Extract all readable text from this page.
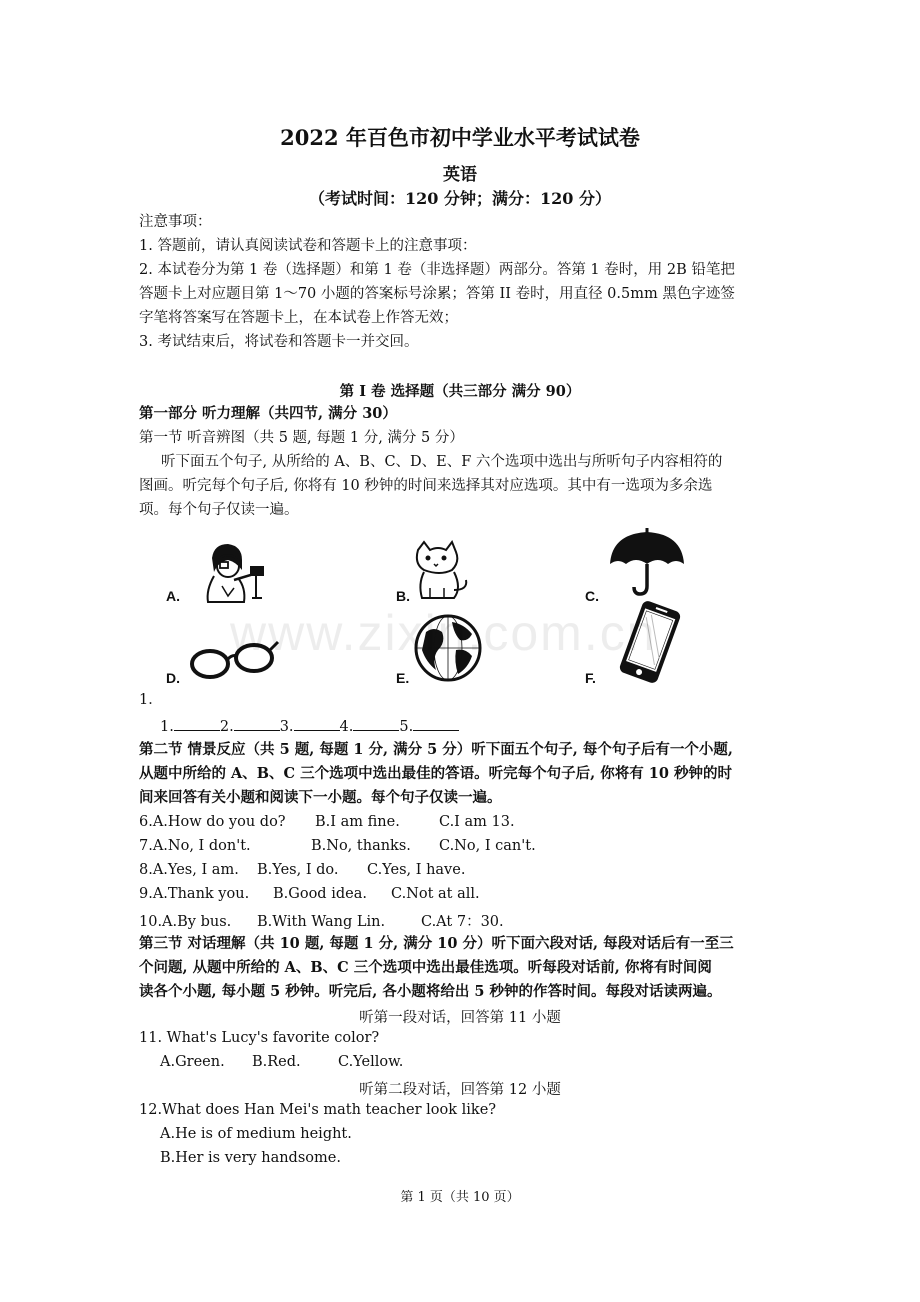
2022 年百色市初中学业水平考试试卷
英语
（考试时间：120 分钟；满分：120 分）
注意事项：
1. 答题前，请认真阅读试卷和答题卡上的注意事项：
2. 本试卷分为第 1 卷（选择题）和第 1 卷（非选择题）两部分。答第 1 卷时，用 2B 铅笔把
答题卡上对应题目第 1～70 小题的答案标号涂累；答第 II 卷时，用直径 0.5mm 黑色字迹签
字笔将答案写在答题卡上，在本试卷上作答无效；
3. 考试结束后，将试卷和答题卡一并交回。
第 I 卷 选择题（共三部分 满分 90）
第一部分 听力理解（共四节, 满分 30）
第一节 听音辨图（共 5 题, 每题 1 分, 满分 5 分）
听下面五个句子, 从所给的 A、B、C、D、E、F 六个选项中选出与所听句子内容相符的
图画。听完每个句子后, 你将有 10 秒钟的时间来选择其对应选项。其中有一选项为多余选
项。每个句子仅读一遍。
A.	B.	C.
D.	E.	F.
www.zixin.com.cn
1．
1.	2.	3.	4.	5.
第二节 情景反应（共 5 题, 每题 1 分, 满分 5 分）听下面五个句子, 每个句子后有一个小题,
从题中所给的 A、B、C 三个选项中选出最佳的答语。听完每个句子后, 你将有 10 秒钟的时
间来回答有关小题和阅读下一小题。每个句子仅读一遍。
6.A.How do you do? B.I am fine.	C.I am 13.
7.A.No, I don't.	B.No, thanks. C.No, I can't.
8.A.Yes, I am. B.Yes, I do. C.Yes, I have.
9.A.Thank you. B.Good idea. C.Not at all.
10.A.By bus. B.With Wang Lin. C.At 7：30.
第三节 对话理解（共 10 题, 每题 1 分, 满分 10 分）听下面六段对话, 每段对话后有一至三
个问题, 从题中所给的 A、B、C 三个选项中选出最佳选项。听每段对话前, 你将有时间阅
读各个小题, 每小题 5 秒钟。听完后, 各小题将给出 5 秒钟的作答时间。每段对话读两遍。
听第一段对话，回答第 11 小题
11. What's Lucy's favorite color?
A.Green. B.Red.	C.Yellow.
听第二段对话，回答第 12 小题
12.What does Han Mei's math teacher look like?
A.He is of medium height.
B.Her is very handsome.
第 1 页（共 10 页）
